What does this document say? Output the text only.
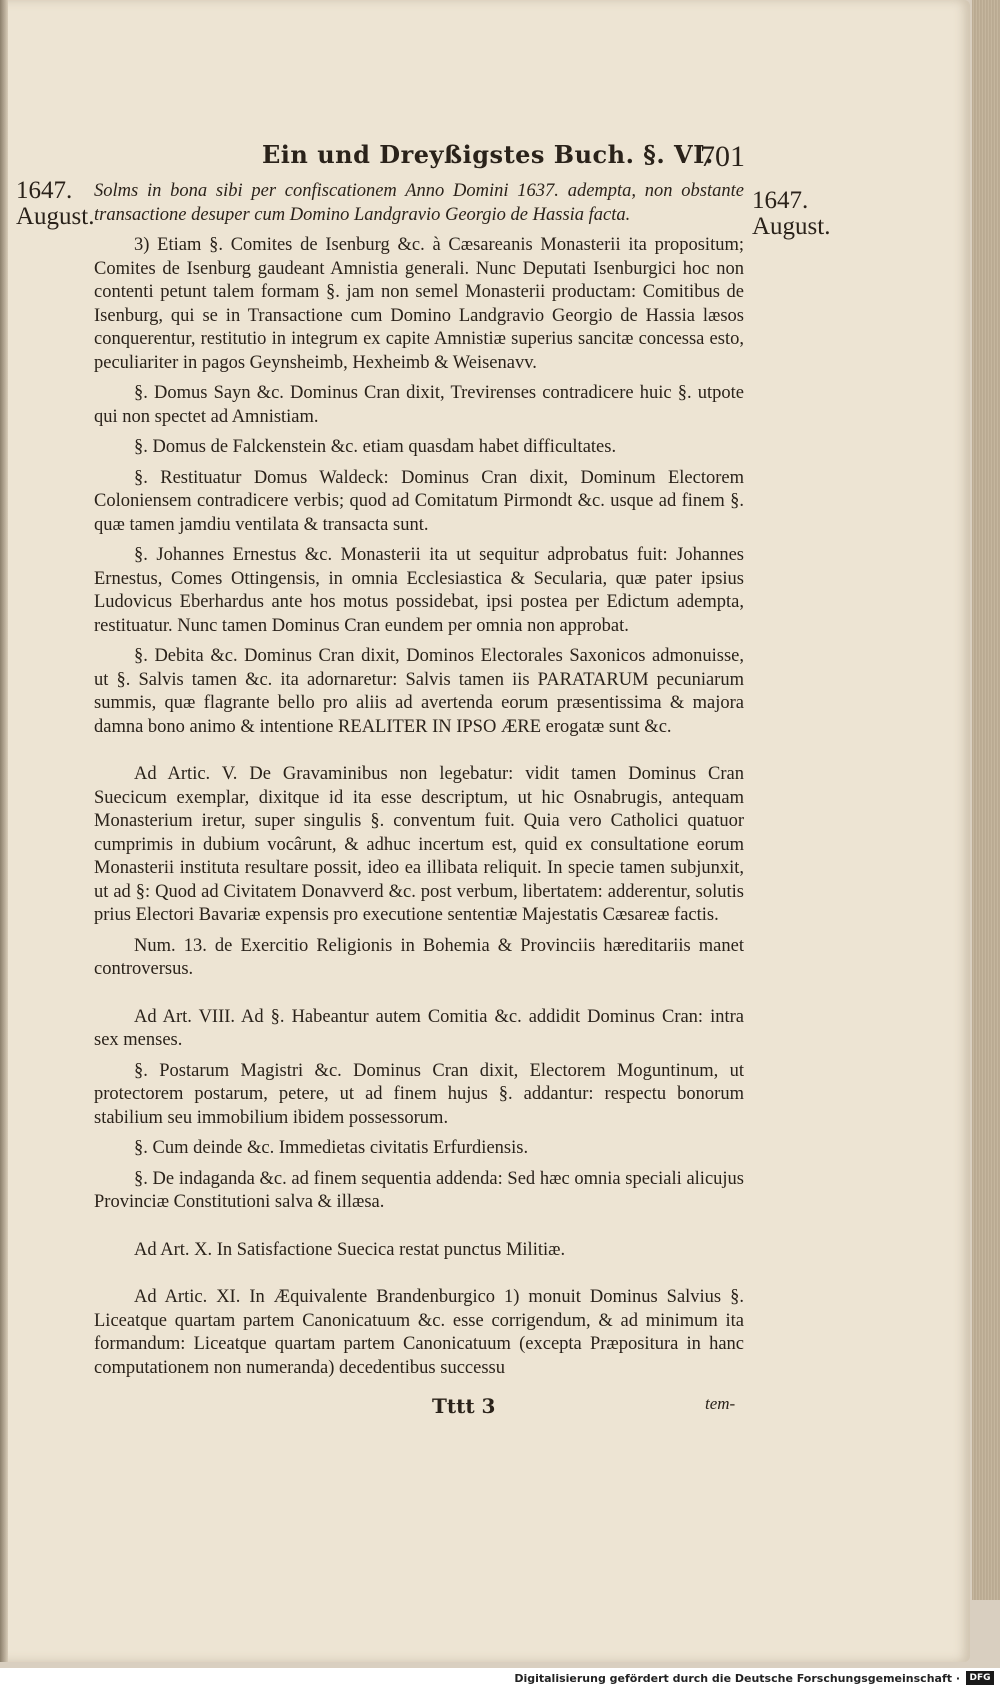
Ein und Dreyßigstes Buch. §. VI.
701
1647.
August.
1647.
August.

Solms in bona sibi per confiscationem Anno Domini 1637. adempta, non obstante transactione desuper cum Domino Landgravio Georgio de Hassia facta.

3) Etiam §. Comites de Isenburg &c. à Cæsareanis Monasterii ita propositum; Comites de Isenburg gaudeant Amnistia generali. Nunc Deputati Isenburgici hoc non contenti petunt talem formam §. jam non semel Monasterii productam: Comitibus de Isenburg, qui se in Transactione cum Domino Landgravio Georgio de Hassia læsos conquerentur, restitutio in integrum ex capite Amnistiæ superius sancitæ concessa esto, peculiariter in pagos Geynsheimb, Hexheimb & Weisenavv.

§. Domus Sayn &c. Dominus Cran dixit, Trevirenses contradicere huic §. utpote qui non spectet ad Amnistiam.

§. Domus de Falckenstein &c. etiam quasdam habet difficultates.

§. Restituatur Domus Waldeck: Dominus Cran dixit, Dominum Electorem Coloniensem contradicere verbis; quod ad Comitatum Pirmondt &c. usque ad finem §. quæ tamen jamdiu ventilata & transacta sunt.

§. Johannes Ernestus &c. Monasterii ita ut sequitur adprobatus fuit: Johannes Ernestus, Comes Ottingensis, in omnia Ecclesiastica & Secularia, quæ pater ipsius Ludovicus Eberhardus ante hos motus possidebat, ipsi postea per Edictum adempta, restituatur. Nunc tamen Dominus Cran eundem per omnia non approbat.

§. Debita &c. Dominus Cran dixit, Dominos Electorales Saxonicos admonuisse, ut §. Salvis tamen &c. ita adornaretur: Salvis tamen iis PARATARUM pecuniarum summis, quæ flagrante bello pro aliis ad avertenda eorum præsentissima & majora damna bono animo & intentione REALITER IN IPSO ÆRE erogatæ sunt &c.

Ad Artic. V. De Gravaminibus non legebatur: vidit tamen Dominus Cran Suecicum exemplar, dixitque id ita esse descriptum, ut hic Osnabrugis, antequam Monasterium iretur, super singulis §. conventum fuit. Quia vero Catholici quatuor cumprimis in dubium vocârunt, & adhuc incertum est, quid ex consultatione eorum Monasterii instituta resultare possit, ideo ea illibata reliquit. In specie tamen subjunxit, ut ad §: Quod ad Civitatem Donavverd &c. post verbum, libertatem: adderentur, solutis prius Electori Bavariæ expensis pro executione sententiæ Majestatis Cæsareæ factis.

Num. 13. de Exercitio Religionis in Bohemia & Provinciis hæreditariis manet controversus.

Ad Art. VIII. Ad §. Habeantur autem Comitia &c. addidit Dominus Cran: intra sex menses.

§. Postarum Magistri &c. Dominus Cran dixit, Electorem Moguntinum, ut protectorem postarum, petere, ut ad finem hujus §. addantur: respectu bonorum stabilium seu immobilium ibidem possessorum.

§. Cum deinde &c. Immedietas civitatis Erfurdiensis.

§. De indaganda &c. ad finem sequentia addenda: Sed hæc omnia speciali alicujus Provinciæ Constitutioni salva & illæsa.

Ad Art. X. In Satisfactione Suecica restat punctus Militiæ.

Ad Artic. XI. In Æquivalente Brandenburgico 1) monuit Dominus Salvius §. Liceatque quartam partem Canonicatuum &c. esse corrigendum, & ad minimum ita formandum: Liceatque quartam partem Canonicatuum (excepta Præpositura in hanc computationem non numeranda) decedentibus successu

Tttt 3	tem-
Digitalisierung gefördert durch die Deutsche Forschungsgemeinschaft ·	DFG
